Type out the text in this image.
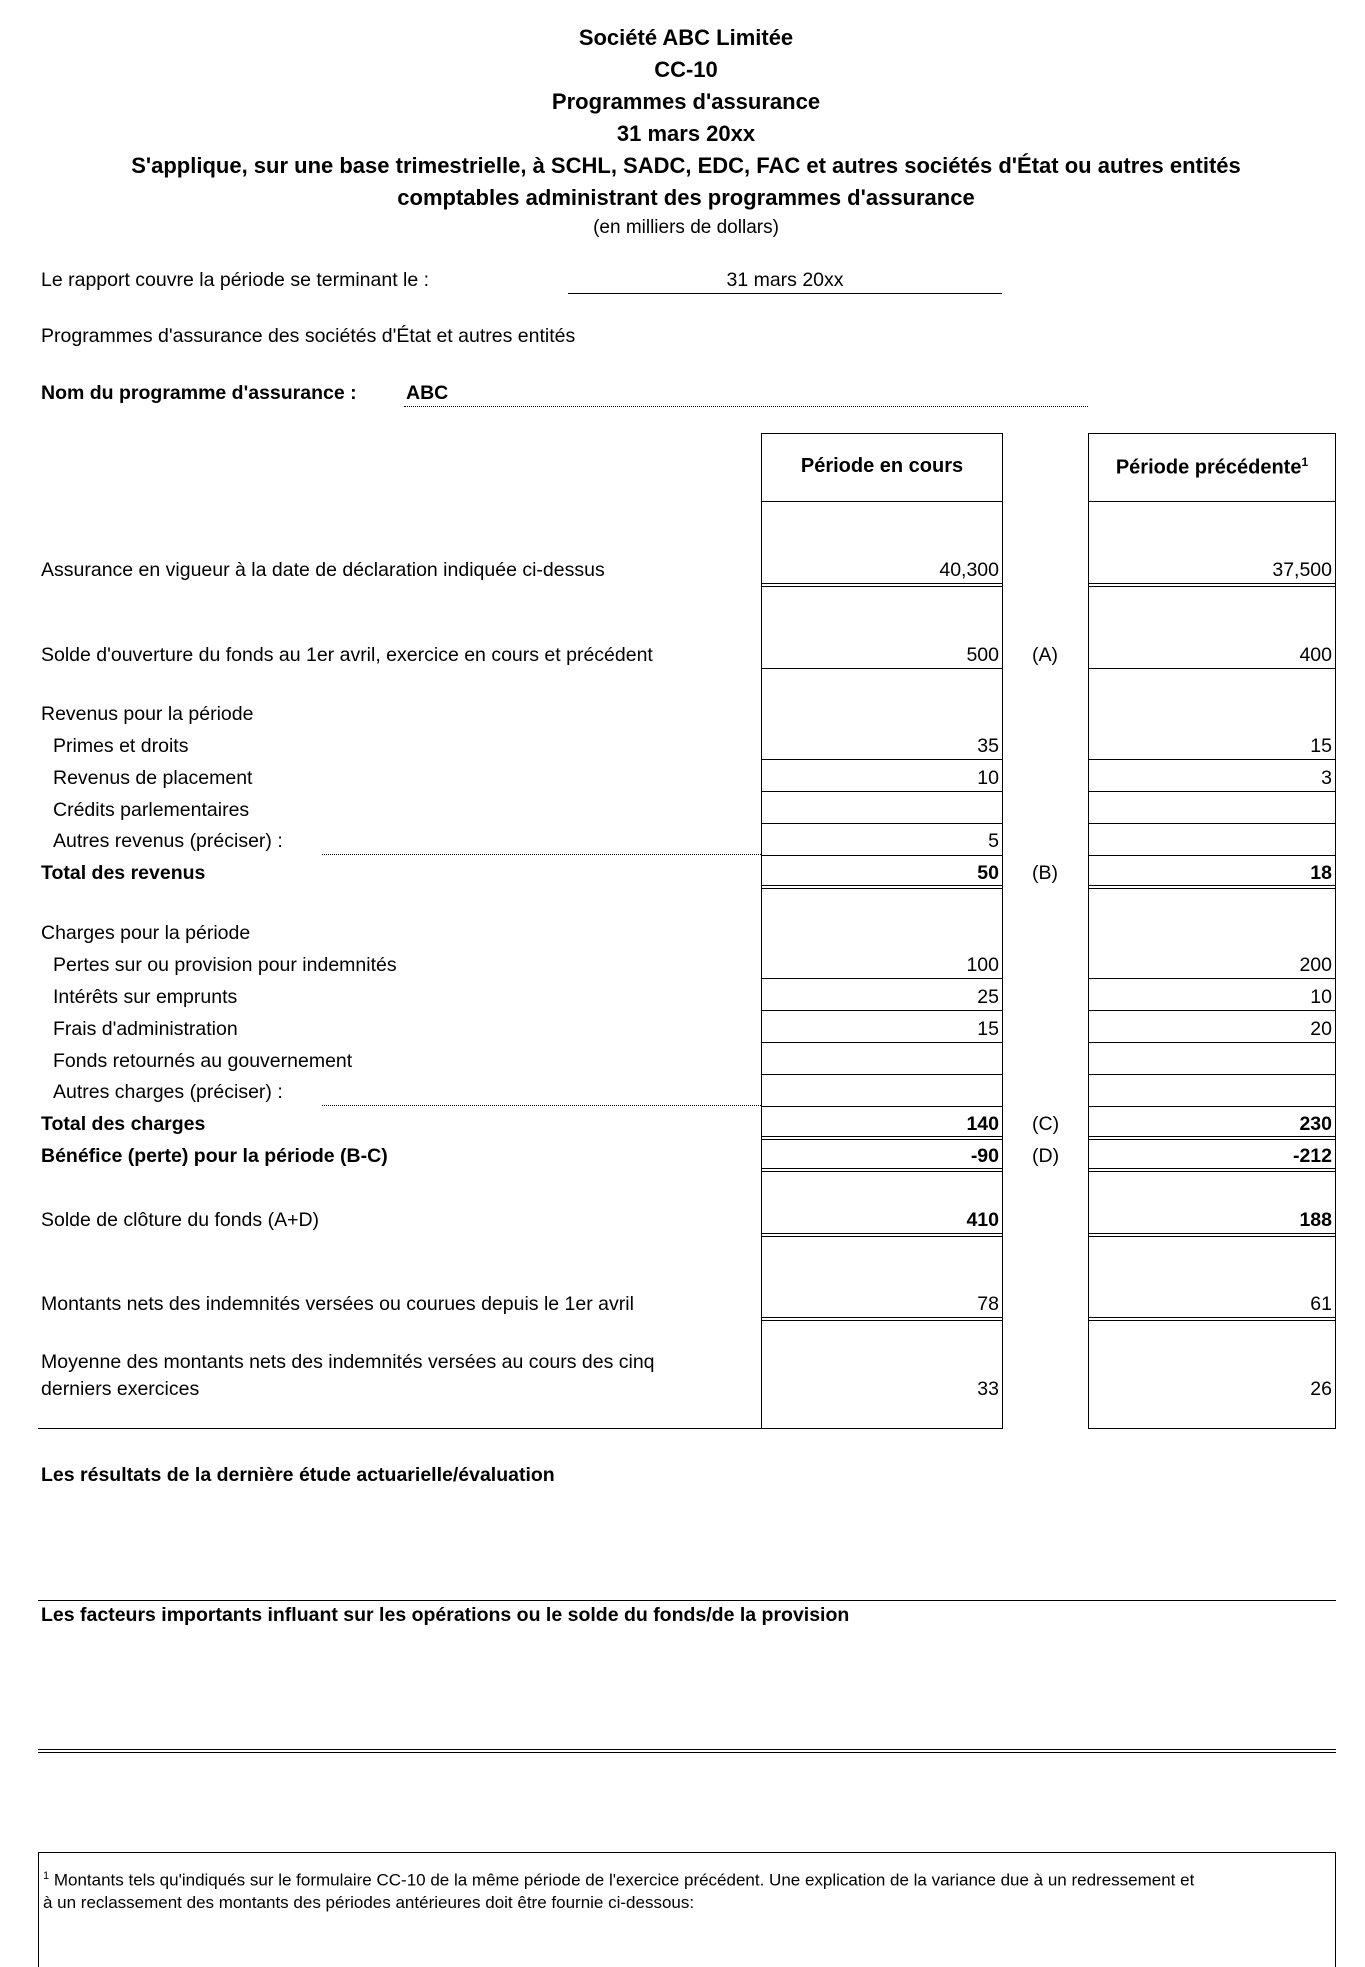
Société ABC Limitée
CC-10
Programmes d'assurance
31 mars 20xx
S'applique, sur une base trimestrielle, à SCHL, SADC, EDC, FAC et autres sociétés d'État ou autres entités
comptables administrant des programmes d'assurance
(en milliers de dollars)
Le rapport couvre la période se terminant le :	31 mars 20xx
Programmes d'assurance des sociétés d'État et autres entités
Nom du programme d'assurance :	ABC
Période en cours	Période précédente$^1$
Assurance en vigueur à la date de déclaration indiquée ci-dessus	40,300	37,500
Solde d'ouverture du fonds au 1er avril, exercice en cours et précédent	500 (A)	400
Revenus pour la période
Primes et droits	35	15
Revenus de placement	10	3
Crédits parlementaires
Autres revenus (préciser) :	5
Total des revenus	50 (B)	18
Charges pour la période
Pertes sur ou provision pour indemnités	100	200
Intérêts sur emprunts	25	10
Frais d'administration	15	20
Fonds retournés au gouvernement
Autres charges (préciser) :
Total des charges	140 (C)	230
Bénéfice (perte) pour la période (B-C)	-90 (D)	-212
Solde de clôture du fonds (A+D)	410	188
Montants nets des indemnités versées ou courues depuis le 1er avril	78	61
Moyenne des montants nets des indemnités versées au cours des cinq
derniers exercices	33	26
Les résultats de la dernière étude actuarielle/évaluation
Les facteurs importants influant sur les opérations ou le solde du fonds/de la provision
$^1$ Montants tels qu'indiqués sur le formulaire CC-10 de la même période de l'exercice précédent. Une explication de la variance due à un redressement et
à un reclassement des montants des périodes antérieures doit être fournie ci-dessous:
